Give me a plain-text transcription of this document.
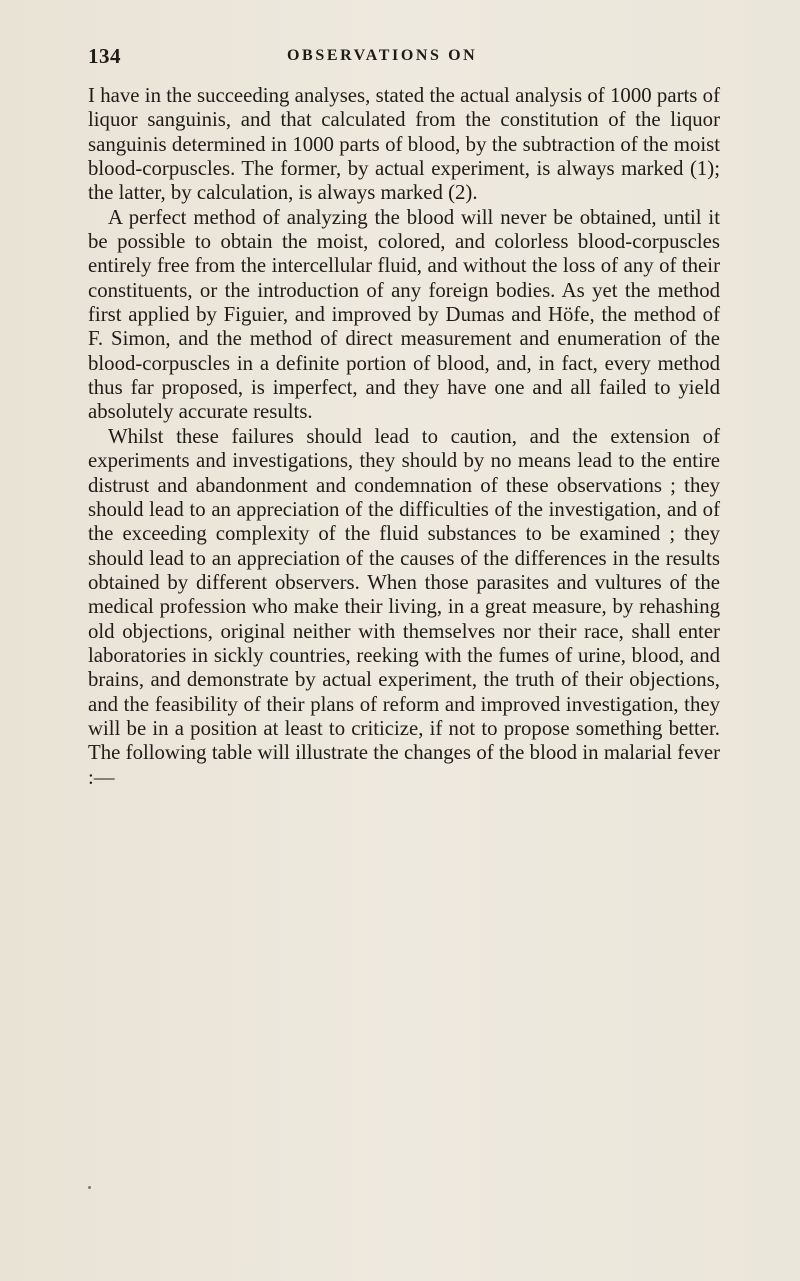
134	OBSERVATIONS ON

I have in the succeeding analyses, stated the actual analysis of 1000 parts of liquor sanguinis, and that calculated from the constitution of the liquor sanguinis determined in 1000 parts of blood, by the subtraction of the moist blood-corpuscles. The former, by actual experiment, is always marked (1); the latter, by calculation, is always marked (2).

A perfect method of analyzing the blood will never be obtained, until it be possible to obtain the moist, colored, and colorless blood-corpuscles entirely free from the intercellular fluid, and without the loss of any of their constituents, or the introduction of any foreign bodies. As yet the method first applied by Figuier, and improved by Dumas and Höfe, the method of F. Simon, and the method of direct measurement and enumeration of the blood-corpuscles in a definite portion of blood, and, in fact, every method thus far proposed, is imperfect, and they have one and all failed to yield absolutely accurate results.

Whilst these failures should lead to caution, and the extension of experiments and investigations, they should by no means lead to the entire distrust and abandonment and condemnation of these observations ; they should lead to an appreciation of the difficulties of the investigation, and of the exceeding complexity of the fluid substances to be examined ; they should lead to an appreciation of the causes of the differences in the results obtained by different observers. When those parasites and vultures of the medical profession who make their living, in a great measure, by rehashing old objections, original neither with themselves nor their race, shall enter laboratories in sickly countries, reeking with the fumes of urine, blood, and brains, and demonstrate by actual experiment, the truth of their objections, and the feasibility of their plans of reform and improved investigation, they will be in a position at least to criticize, if not to propose something better. The following table will illustrate the changes of the blood in malarial fever :—
